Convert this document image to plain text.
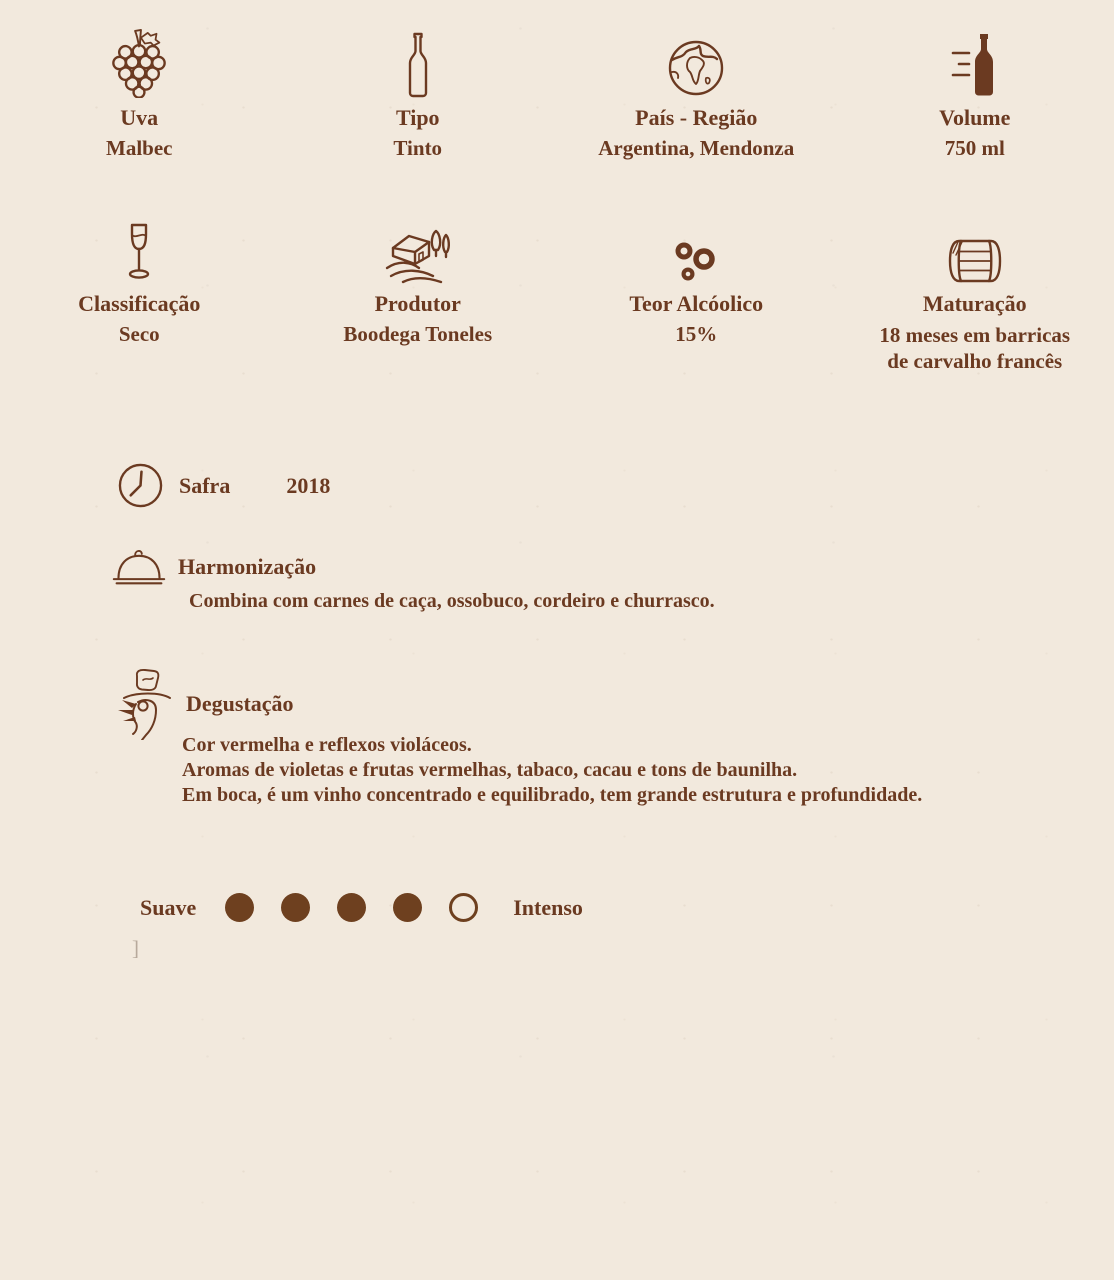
Uva
Malbec
Tipo
Tinto
País - Região
Argentina, Mendonza
Volume
750 ml
Classificação
Seco
Produtor
Boodega Toneles
Teor Alcóolico
15%
Maturação
18 meses em barricas de carvalho francês
Safra	2018
Harmonização
Combina com carnes de caça, ossobuco, cordeiro e churrasco.
Degustação
Cor vermelha e reflexos violáceos.
Aromas de violetas e frutas vermelhas, tabaco, cacau e tons de baunilha.
Em boca, é um vinho concentrado e equilibrado, tem grande estrutura e profundidade.
Suave	Intenso
]
